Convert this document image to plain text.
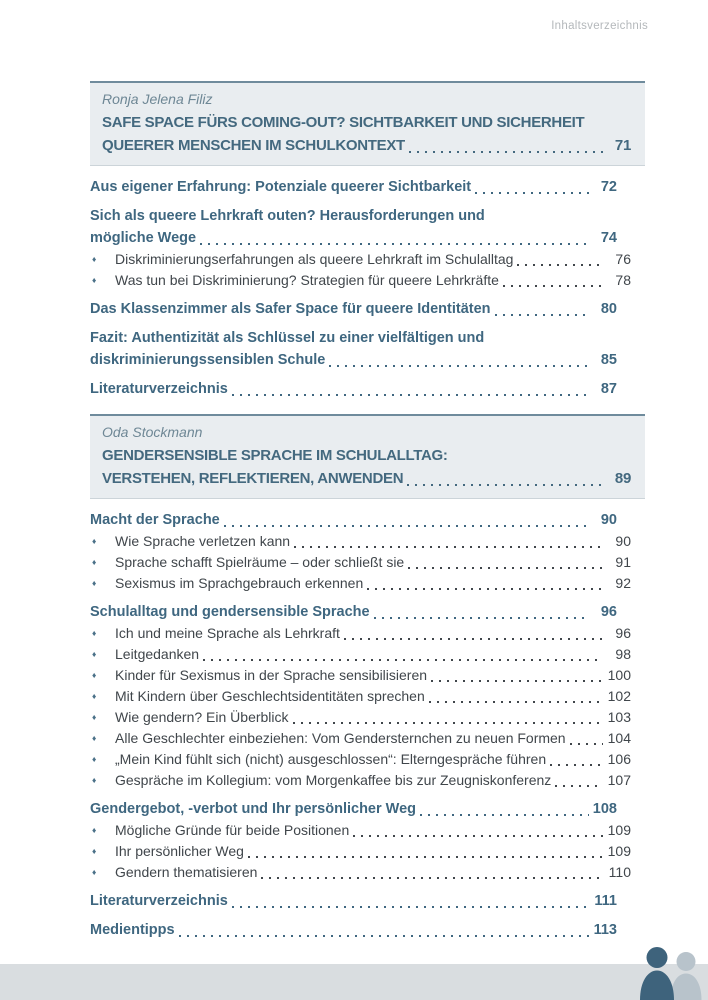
Inhaltsverzeichnis
Ronja Jelena Filiz
SAFE SPACE FÜRS COMING-OUT? SICHTBARKEIT UND SICHERHEIT
QUEERER MENSCHEN IM SCHULKONTEXT	71
Aus eigener Erfahrung: Potenziale queerer Sichtbarkeit	72
Sich als queere Lehrkraft outen? Herausforderungen und
mögliche Wege	74
♦	Diskriminierungserfahrungen als queere Lehrkraft im Schulalltag	76
♦	Was tun bei Diskriminierung? Strategien für queere Lehrkräfte	78
Das Klassenzimmer als Safer Space für queere Identitäten	80
Fazit: Authentizität als Schlüssel zu einer vielfältigen und
diskriminierungssensiblen Schule	85
Literaturverzeichnis	87
Oda Stockmann
GENDERSENSIBLE SPRACHE IM SCHULALLTAG:
VERSTEHEN, REFLEKTIEREN, ANWENDEN	89
Macht der Sprache	90
♦	Wie Sprache verletzen kann	90
♦	Sprache schafft Spielräume – oder schließt sie	91
♦	Sexismus im Sprachgebrauch erkennen	92
Schulalltag und gendersensible Sprache	96
♦	Ich und meine Sprache als Lehrkraft	96
♦	Leitgedanken	98
♦	Kinder für Sexismus in der Sprache sensibilisieren	100
♦	Mit Kindern über Geschlechtsidentitäten sprechen	102
♦	Wie gendern? Ein Überblick	103
♦	Alle Geschlechter einbeziehen: Vom Gendersternchen zu neuen Formen	104
♦	„Mein Kind fühlt sich (nicht) ausgeschlossen“: Elterngespräche führen	106
♦	Gespräche im Kollegium: vom Morgenkaffee bis zur Zeugniskonferenz	107
Gendergebot, -verbot und Ihr persönlicher Weg	108
♦	Mögliche Gründe für beide Positionen	109
♦	Ihr persönlicher Weg	109
♦	Gendern thematisieren	110
Literaturverzeichnis	111
Medientipps	113
